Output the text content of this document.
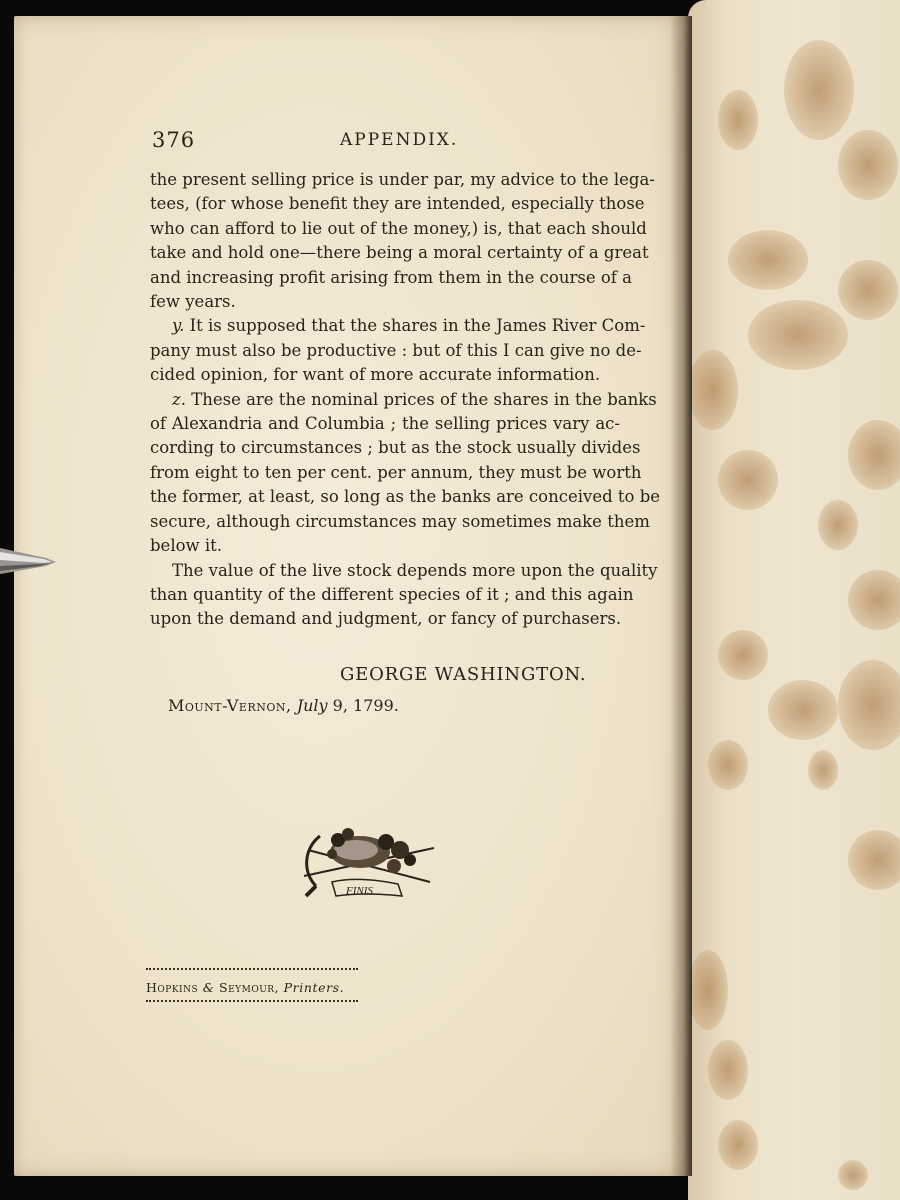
376	APPENDIX.
the present selling price is under par, my advice to the lega-
tees, (for whose benefit they are intended, especially those
who can afford to lie out of the money,) is, that each should
take and hold one—there being a moral certainty of a great
and increasing profit arising from them in the course of a
few years.
y. It is supposed that the shares in the James River Com-
pany must also be productive : but of this I can give no de-
cided opinion, for want of more accurate information.
z. These are the nominal prices of the shares in the banks
of Alexandria and Columbia ; the selling prices vary ac-
cording to circumstances ; but as the stock usually divides
from eight to ten per cent. per annum, they must be worth
the former, at least, so long as the banks are conceived to be
secure, although circumstances may sometimes make them
below it.
The value of the live stock depends more upon the quality
than quantity of the different species of it ; and this again
upon the demand and judgment, or fancy of purchasers.
GEORGE WASHINGTON.
Mount-Vernon, July 9, 1799.
FINIS
Hopkins & Seymour, Printers.
